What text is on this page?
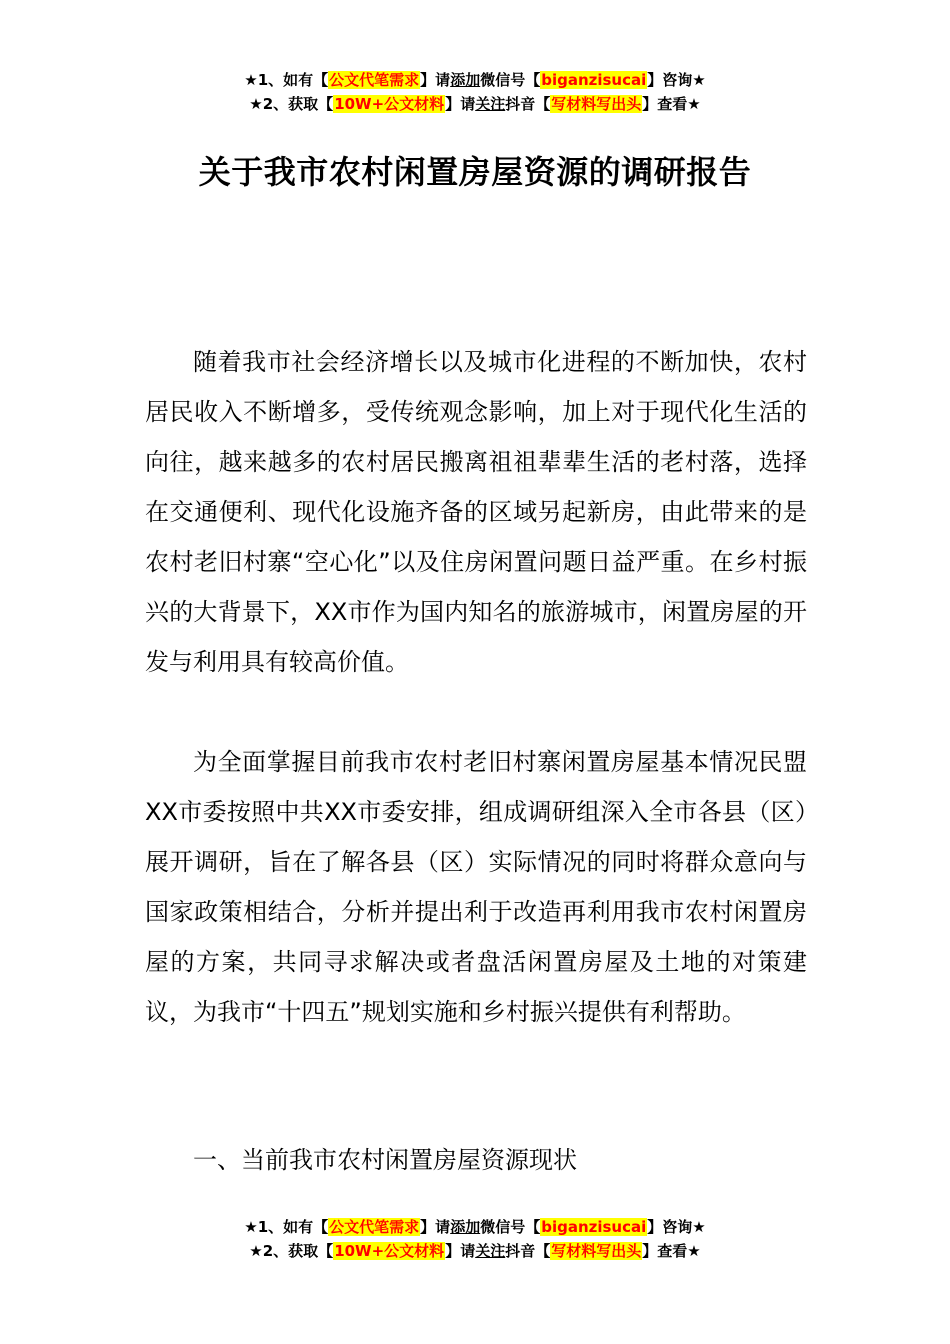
★1、如有【公文代笔需求】请添加微信号【biganzisucai】咨询★
★2、获取【10W+公文材料】请关注抖音【写材料写出头】查看★
关于我市农村闲置房屋资源的调研报告

随着我市社会经济增长以及城市化进程的不断加快，农村居民收入不断增多，受传统观念影响，加上对于现代化生活的向往，越来越多的农村居民搬离祖祖辈辈生活的老村落，选择在交通便利、现代化设施齐备的区域另起新房，由此带来的是农村老旧村寨“空心化”以及住房闲置问题日益严重。在乡村振兴的大背景下，XX市作为国内知名的旅游城市，闲置房屋的开发与利用具有较高价值。

为全面掌握目前我市农村老旧村寨闲置房屋基本情况民盟XX市委按照中共XX市委安排，组成调研组深入全市各县（区）展开调研，旨在了解各县（区）实际情况的同时将群众意向与国家政策相结合，分析并提出利于改造再利用我市农村闲置房屋的方案，共同寻求解决或者盘活闲置房屋及土地的对策建议，为我市“十四五”规划实施和乡村振兴提供有利帮助。

一、当前我市农村闲置房屋资源现状

★1、如有【公文代笔需求】请添加微信号【biganzisucai】咨询★
★2、获取【10W+公文材料】请关注抖音【写材料写出头】查看★
